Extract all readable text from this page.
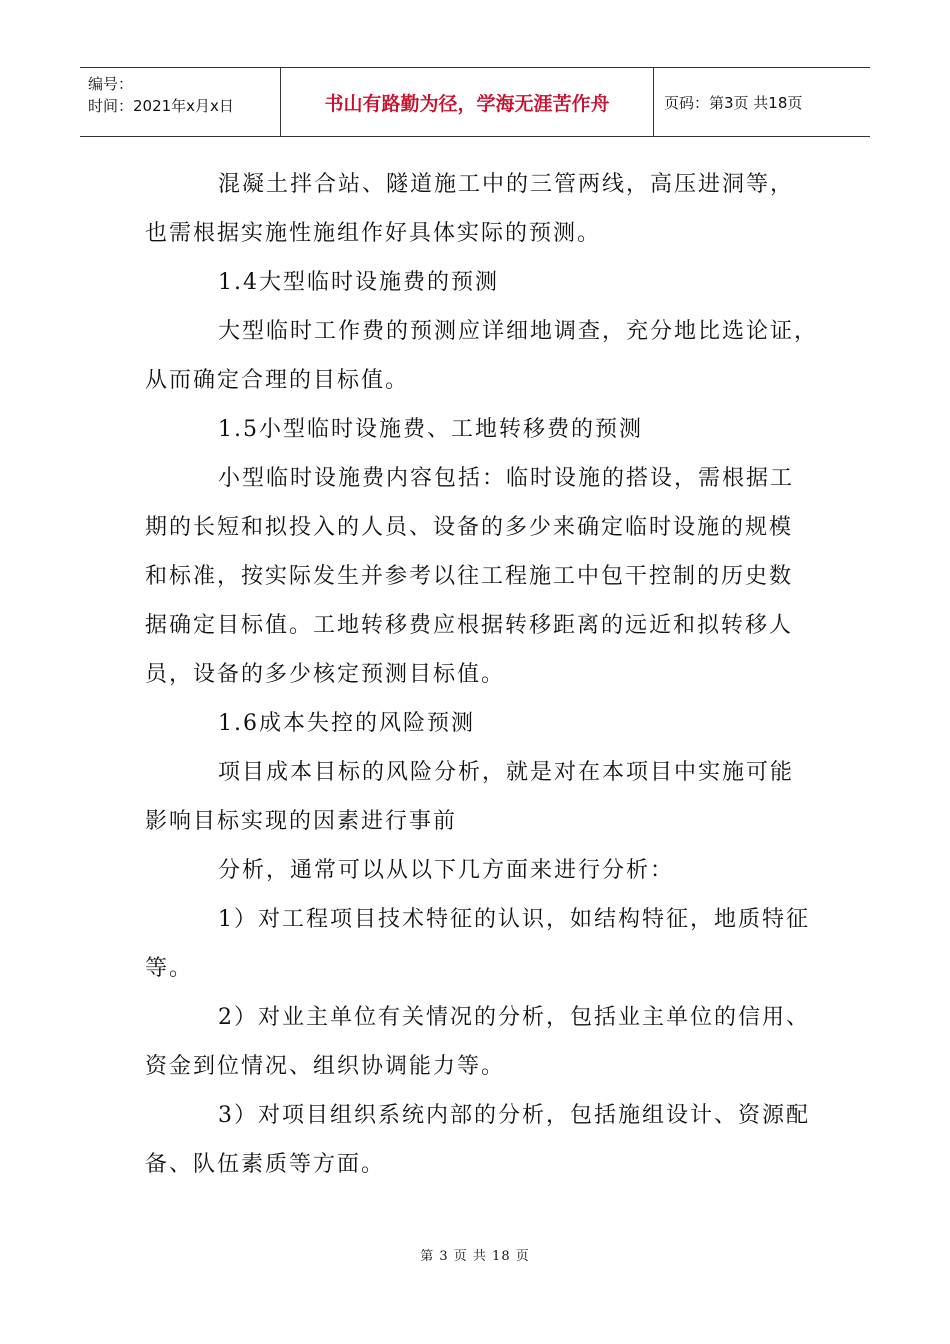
编号：
时间：2021年x月x日	书山有路勤为径，学海无涯苦作舟	页码：第3页 共18页
混凝土拌合站、隧道施工中的三管两线，高压进洞等，
也需根据实施性施组作好具体实际的预测。
1.4大型临时设施费的预测
大型临时工作费的预测应详细地调查，充分地比选论证，
从而确定合理的目标值。
1.5小型临时设施费、工地转移费的预测
小型临时设施费内容包括：临时设施的搭设，需根据工
期的长短和拟投入的人员、设备的多少来确定临时设施的规模
和标准，按实际发生并参考以往工程施工中包干控制的历史数
据确定目标值。工地转移费应根据转移距离的远近和拟转移人
员，设备的多少核定预测目标值。
1.6成本失控的风险预测
项目成本目标的风险分析，就是对在本项目中实施可能
影响目标实现的因素进行事前
分析，通常可以从以下几方面来进行分析：
1）对工程项目技术特征的认识，如结构特征，地质特征
等。
2）对业主单位有关情况的分析，包括业主单位的信用、
资金到位情况、组织协调能力等。
3）对项目组织系统内部的分析，包括施组设计、资源配
备、队伍素质等方面。
第 3 页 共 18 页
